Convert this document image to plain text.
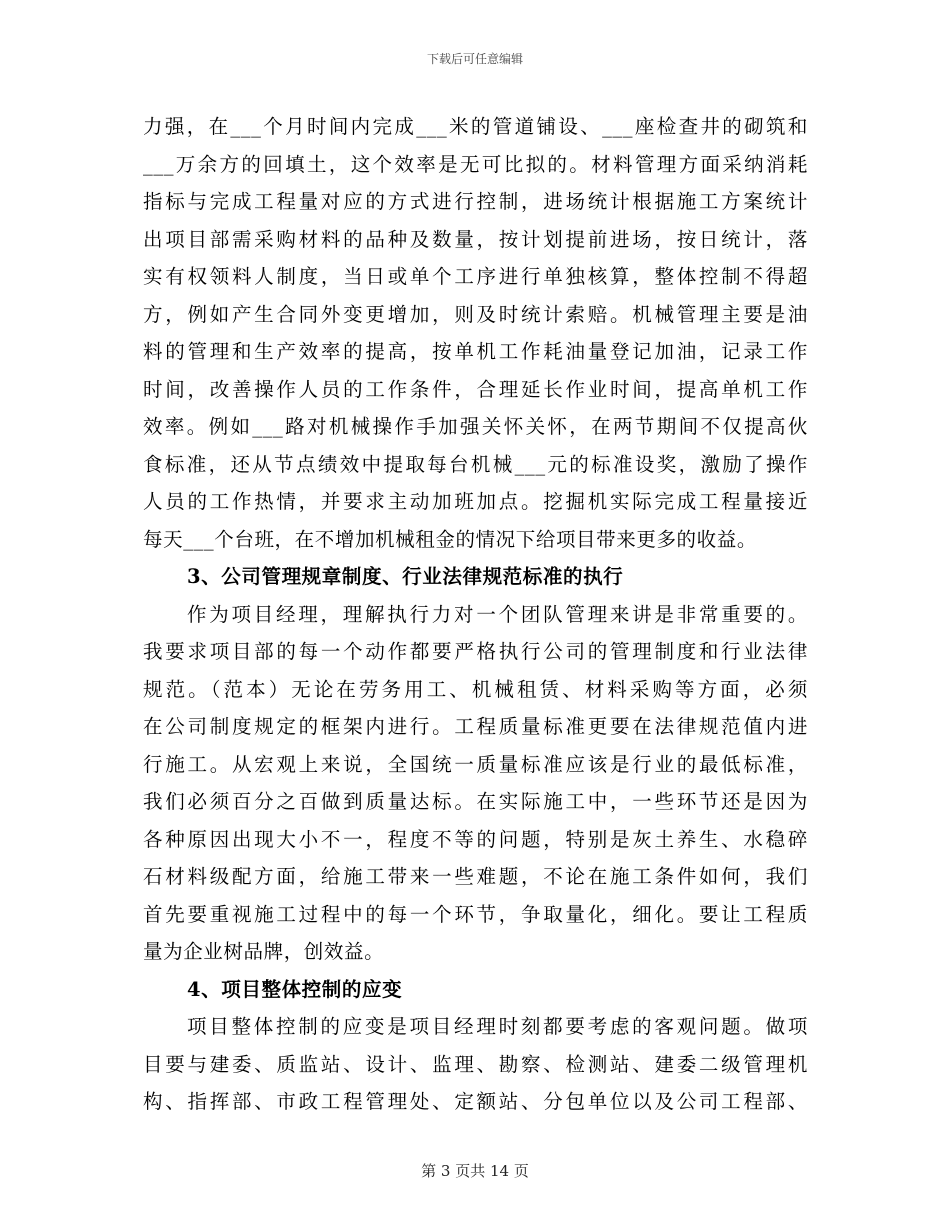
下载后可任意编辑
力强，在___个月时间内完成___米的管道铺设、___座检查井的砌筑和
___万余方的回填土，这个效率是无可比拟的。材料管理方面采纳消耗
指标与完成工程量对应的方式进行控制，进场统计根据施工方案统计
出项目部需采购材料的品种及数量，按计划提前进场，按日统计，落
实有权领料人制度，当日或单个工序进行单独核算，整体控制不得超
方，例如产生合同外变更增加，则及时统计索赔。机械管理主要是油
料的管理和生产效率的提高，按单机工作耗油量登记加油，记录工作
时间，改善操作人员的工作条件，合理延长作业时间，提高单机工作
效率。例如___路对机械操作手加强关怀关怀，在两节期间不仅提高伙
食标准，还从节点绩效中提取每台机械___元的标准设奖，激励了操作
人员的工作热情，并要求主动加班加点。挖掘机实际完成工程量接近
每天___个台班，在不增加机械租金的情况下给项目带来更多的收益。
3、公司管理规章制度、行业法律规范标准的执行
作为项目经理，理解执行力对一个团队管理来讲是非常重要的。
我要求项目部的每一个动作都要严格执行公司的管理制度和行业法律
规范。（范本）无论在劳务用工、机械租赁、材料采购等方面，必须
在公司制度规定的框架内进行。工程质量标准更要在法律规范值内进
行施工。从宏观上来说，全国统一质量标准应该是行业的最低标准，
我们必须百分之百做到质量达标。在实际施工中，一些环节还是因为
各种原因出现大小不一，程度不等的问题，特别是灰土养生、水稳碎
石材料级配方面，给施工带来一些难题，不论在施工条件如何，我们
首先要重视施工过程中的每一个环节，争取量化，细化。要让工程质
量为企业树品牌，创效益。
4、项目整体控制的应变
项目整体控制的应变是项目经理时刻都要考虑的客观问题。做项
目要与建委、质监站、设计、监理、勘察、检测站、建委二级管理机
构、指挥部、市政工程管理处、定额站、分包单位以及公司工程部、
第 3 页共 14 页
